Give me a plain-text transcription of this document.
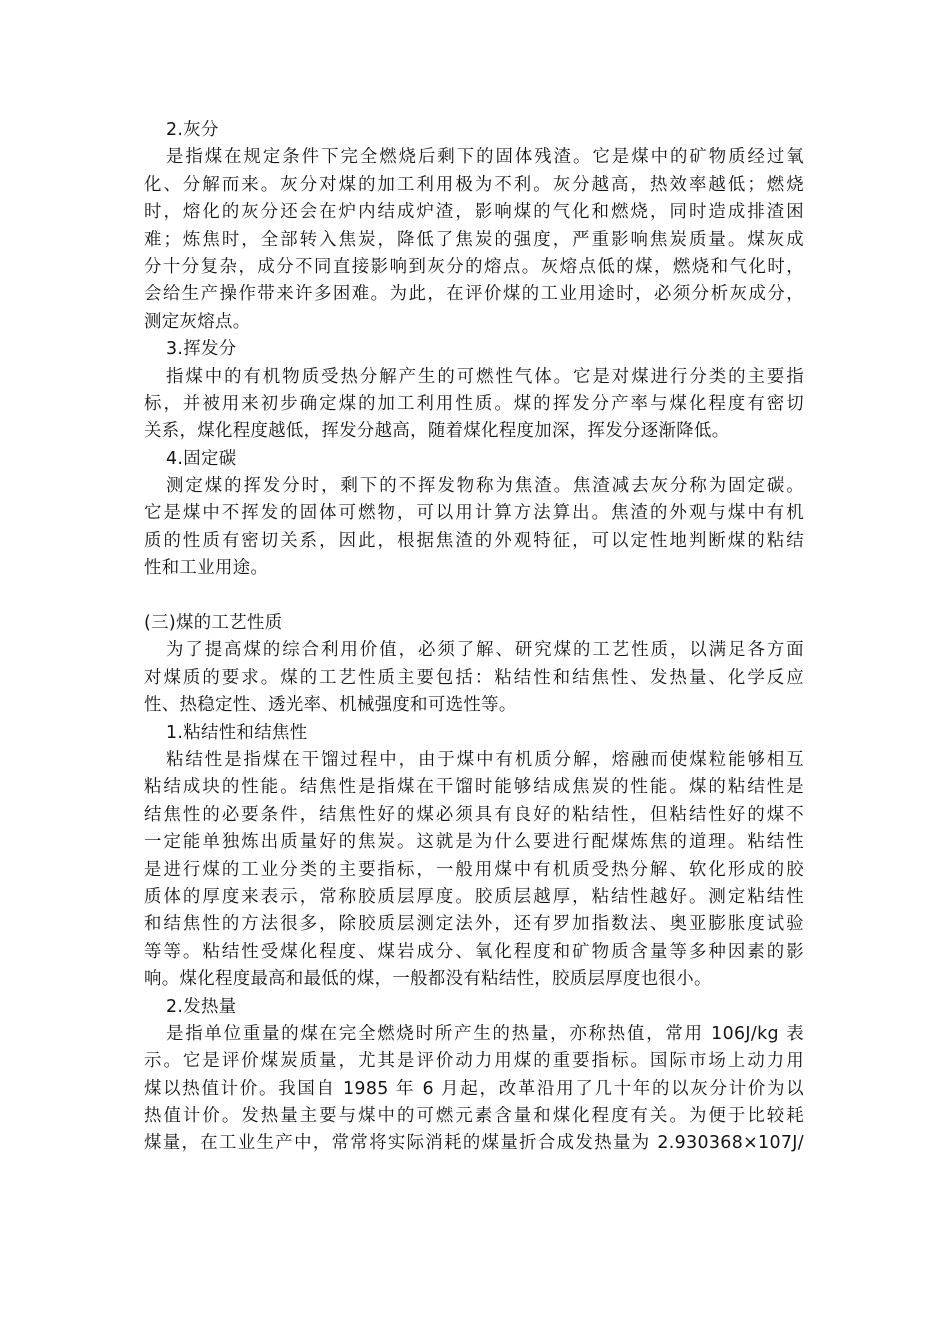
2.灰分
是指煤在规定条件下完全燃烧后剩下的固体残渣。它是煤中的矿物质经过氧
化、分解而来。灰分对煤的加工利用极为不利。灰分越高，热效率越低；燃烧
时，熔化的灰分还会在炉内结成炉渣，影响煤的气化和燃烧，同时造成排渣困
难；炼焦时，全部转入焦炭，降低了焦炭的强度，严重影响焦炭质量。煤灰成
分十分复杂，成分不同直接影响到灰分的熔点。灰熔点低的煤，燃烧和气化时，
会给生产操作带来许多困难。为此，在评价煤的工业用途时，必须分析灰成分，
测定灰熔点。
3.挥发分
指煤中的有机物质受热分解产生的可燃性气体。它是对煤进行分类的主要指
标，并被用来初步确定煤的加工利用性质。煤的挥发分产率与煤化程度有密切
关系，煤化程度越低，挥发分越高，随着煤化程度加深，挥发分逐渐降低。
4.固定碳
测定煤的挥发分时，剩下的不挥发物称为焦渣。焦渣减去灰分称为固定碳。
它是煤中不挥发的固体可燃物，可以用计算方法算出。焦渣的外观与煤中有机
质的性质有密切关系，因此，根据焦渣的外观特征，可以定性地判断煤的粘结
性和工业用途。
(三)煤的工艺性质
为了提高煤的综合利用价值，必须了解、研究煤的工艺性质，以满足各方面
对煤质的要求。煤的工艺性质主要包括：粘结性和结焦性、发热量、化学反应
性、热稳定性、透光率、机械强度和可选性等。
1.粘结性和结焦性
粘结性是指煤在干馏过程中，由于煤中有机质分解，熔融而使煤粒能够相互
粘结成块的性能。结焦性是指煤在干馏时能够结成焦炭的性能。煤的粘结性是
结焦性的必要条件，结焦性好的煤必须具有良好的粘结性，但粘结性好的煤不
一定能单独炼出质量好的焦炭。这就是为什么要进行配煤炼焦的道理。粘结性
是进行煤的工业分类的主要指标，一般用煤中有机质受热分解、软化形成的胶
质体的厚度来表示，常称胶质层厚度。胶质层越厚，粘结性越好。测定粘结性
和结焦性的方法很多，除胶质层测定法外，还有罗加指数法、奥亚膨胀度试验
等等。粘结性受煤化程度、煤岩成分、氧化程度和矿物质含量等多种因素的影
响。煤化程度最高和最低的煤，一般都没有粘结性，胶质层厚度也很小。
2.发热量
是指单位重量的煤在完全燃烧时所产生的热量，亦称热值，常用 106J/kg 表
示。它是评价煤炭质量，尤其是评价动力用煤的重要指标。国际市场上动力用
煤以热值计价。我国自 1985 年 6 月起，改革沿用了几十年的以灰分计价为以
热值计价。发热量主要与煤中的可燃元素含量和煤化程度有关。为便于比较耗
煤量，在工业生产中，常常将实际消耗的煤量折合成发热量为 2.930368×107J/
